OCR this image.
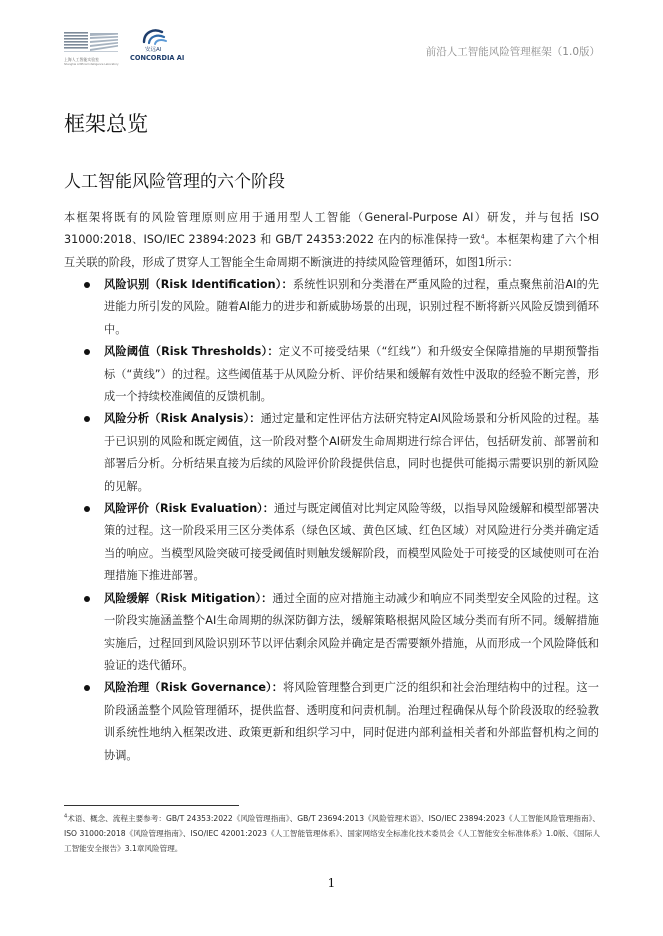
上海人工智能实验室
Shanghai Artificial Intelligence Laboratory
安远AI
CONCORDIA AI	前沿人工智能风险管理框架（1.0版）
框架总览
人工智能风险管理的六个阶段

本框架将既有的风险管理原则应用于通用型人工智能（General-Purpose AI）研发，并与包括 ISO 31000:2018、ISO/IEC 23894:2023 和 GB/T 24353:2022 在内的标准保持一致$^4$。本框架构建了六个相互关联的阶段，形成了贯穿人工智能全生命周期不断演进的持续风险管理循环，如图1所示：

风险识别（Risk Identification）：系统性识别和分类潜在严重风险的过程，重点聚焦前沿AI的先进能力所引发的风险。随着AI能力的进步和新威胁场景的出现，识别过程不断将新兴风险反馈到循环中。
风险阈值（Risk Thresholds）：定义不可接受结果（“红线”）和升级安全保障措施的早期预警指标（“黄线”）的过程。这些阈值基于从风险分析、评价结果和缓解有效性中汲取的经验不断完善，形成一个持续校准阈值的反馈机制。
风险分析（Risk Analysis）：通过定量和定性评估方法研究特定AI风险场景和分析风险的过程。基于已识别的风险和既定阈值，这一阶段对整个AI研发生命周期进行综合评估，包括研发前、部署前和部署后分析。分析结果直接为后续的风险评价阶段提供信息，同时也提供可能揭示需要识别的新风险的见解。
风险评价（Risk Evaluation）：通过与既定阈值对比判定风险等级，以指导风险缓解和模型部署决策的过程。这一阶段采用三区分类体系（绿色区域、黄色区域、红色区域）对风险进行分类并确定适当的响应。当模型风险突破可接受阈值时则触发缓解阶段，而模型风险处于可接受的区域使则可在治理措施下推进部署。
风险缓解（Risk Mitigation）：通过全面的应对措施主动减少和响应不同类型安全风险的过程。这一阶段实施涵盖整个AI生命周期的纵深防御方法，缓解策略根据风险区域分类而有所不同。缓解措施实施后，过程回到风险识别环节以评估剩余风险并确定是否需要额外措施，从而形成一个风险降低和验证的迭代循环。
风险治理（Risk Governance）：将风险管理整合到更广泛的组织和社会治理结构中的过程。这一阶段涵盖整个风险管理循环，提供监督、透明度和问责机制。治理过程确保从每个阶段汲取的经验教训系统性地纳入框架改进、政策更新和组织学习中，同时促进内部利益相关者和外部监督机构之间的协调。

$^4$术语、概念、流程主要参考：GB/T 24353:2022《风险管理指南》、GB/T 23694:2013《风险管理术语》、ISO/IEC 23894:2023《人工智能风险管理指南》、ISO 31000:2018《风险管理指南》、ISO/IEC 42001:2023《人工智能管理体系》、国家网络安全标准化技术委员会《人工智能安全标准体系》1.0版、《国际人工智能安全报告》3.1章风险管理。

1
